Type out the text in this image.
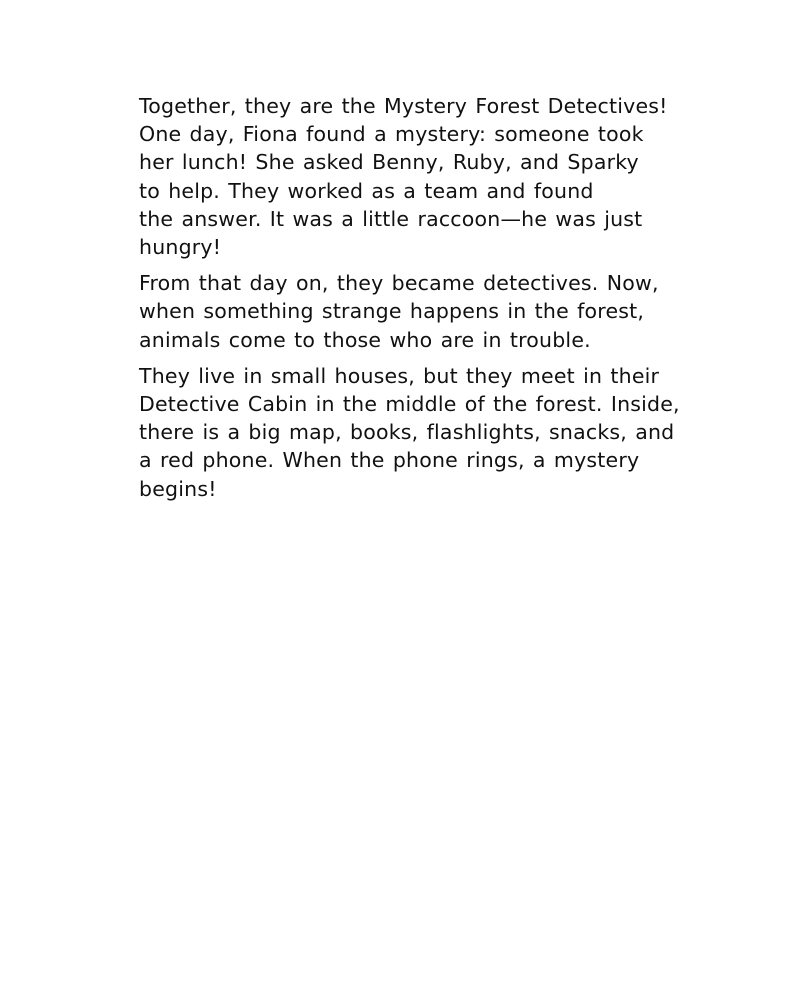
Together, they are the Mystery Forest Detectives!
One day, Fiona found a mystery: someone took
her lunch! She asked Benny, Ruby, and Sparky
to help. They worked as a team and found
the answer. It was a little raccoon—he was just
hungry!

From that day on, they became detectives. Now,
when something strange happens in the forest,
animals come to those who are in trouble.

They live in small houses, but they meet in their
Detective Cabin in the middle of the forest. Inside,
there is a big map, books, flashlights, snacks, and
a red phone. When the phone rings, a mystery
begins!
